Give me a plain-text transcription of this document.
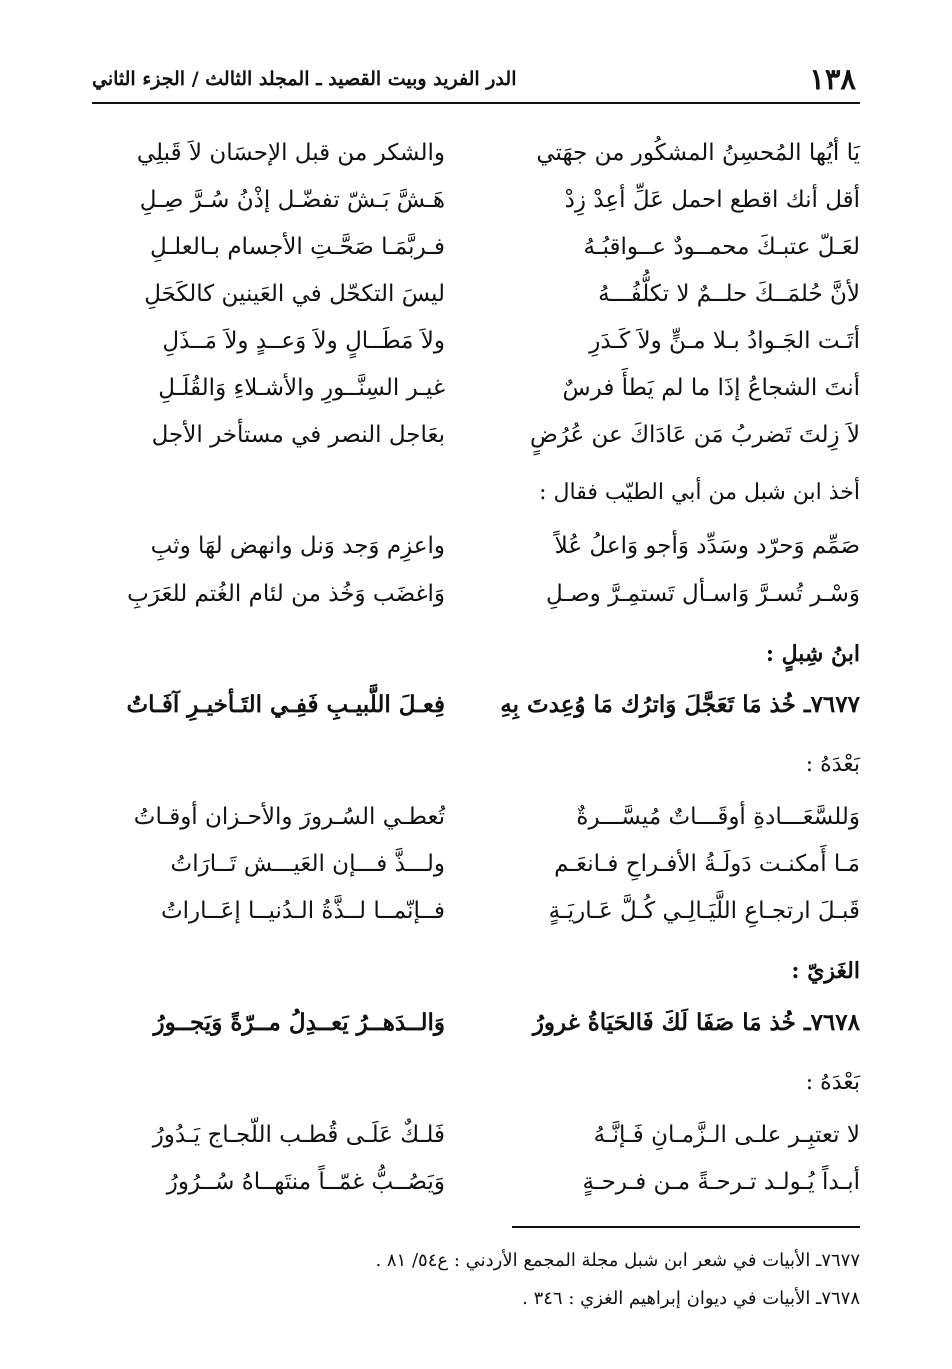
١٣٨
الدر الفريد وبيت القصيد ـ المجلد الثالث / الجزء الثاني
يَا أيُها المُحسِنُ المشكُور من جهَتي
والشكر من قبل الإحسَان لاَ قَبلِي
أقل أنك اقطع احمل عَلِّ أعِدْ زِدْ
هَـشَّ بَـشّ تفضّـل إذْنُ سُـرَّ صِـلِ
لعَـلّ عتبـكَ محمــودٌ عــواقبُـهُ
فـربَّمَـا صَحَّـتِ الأجسام بـالعلـلِ
لأنَّ حُلمَــكَ حلــمٌ لا تكلُّفُـــهُ
ليسَ التكحّل في العَينين كالكَحَلِ
أتَـت الجَـوادُ بـلا مـنٍّ ولاَ كَـدَرِ
ولاَ مَطَــالٍ ولاَ وَعــدٍ ولاَ مَــذَلِ
أنتَ الشجاعُ إذَا ما لم يَطأَ فرسٌ
غيـر السِنَّــورِ والأشـلاءِ وَالقُلَـلِ
لاَ زِلتَ تَضربُ مَن عَادَاكَ عن عُرُضٍ
بعَاجل النصر في مستأخر الأجل
أخذ ابن شبل من أبي الطيّب فقال :
صَمِّم وَحرّد وسَدِّد وَأجو وَاعلُ عُلاً
واعزِم وَجد وَنل وانهض لهَا وثبِ
وَسْـر تُسـرَّ وَاسـأل تَستمِـرَّ وصـلِ
وَاغضَب وَخُذ من لئام الغُتم للعَرَبِ
ابنُ شِبلٍ :
٧٦٧٧ـ خُذ مَا تَعَجَّلَ وَاترُك مَا وُعِدتَ بِهِ
فِعـلَ اللَّبيـبِ فَفِـي التَـأخيـرِ آفَـاتُ
بَعْدَهُ :
وَللسَّعَـــادةِ أوقَـــاتٌ مُيسَّـــرةٌ
تُعطـي السُـرورَ والأحـزان أوقـاتُ
مَـا أَمكنـت دَولَـةُ الأفـراحِ فـانعَـم
ولـــذَّ فـــإن العَيـــش تَــارَاتُ
قَبـلَ ارتجـاعِ اللَّيَـالِـي كُـلَّ عَـاريَـةٍ
فــإنّمــا لــذَّةُ الـدُنيــا إعَــاراتُ
الغَزيّ :
٧٦٧٨ـ خُذ مَا صَفَا لَكَ فَالحَيَاةُ غرورُ
وَالــدَهــرُ يَعــدِلُ مــرّةً وَيَجــورُ
بَعْدَهُ :
لا تعتبِـر علـى الـزَّمـانِ فَـإنَّـهُ
فَلـكٌ عَلَـى قُطـب اللّجـاج يَـدُورُ
أبـداً يُـولـد تـرحـةً مـن فـرحـةٍ
وَيَصُــبُّ غمّــاً منتَهــاهُ سُــرُورُ
٧٦٧٧ـ الأبيات في شعر ابن شبل مجلة المجمع الأردني : ع٥٤/ ٨١ .
٧٦٧٨ـ الأبيات في ديوان إبراهيم الغزي : ٣٤٦ .
